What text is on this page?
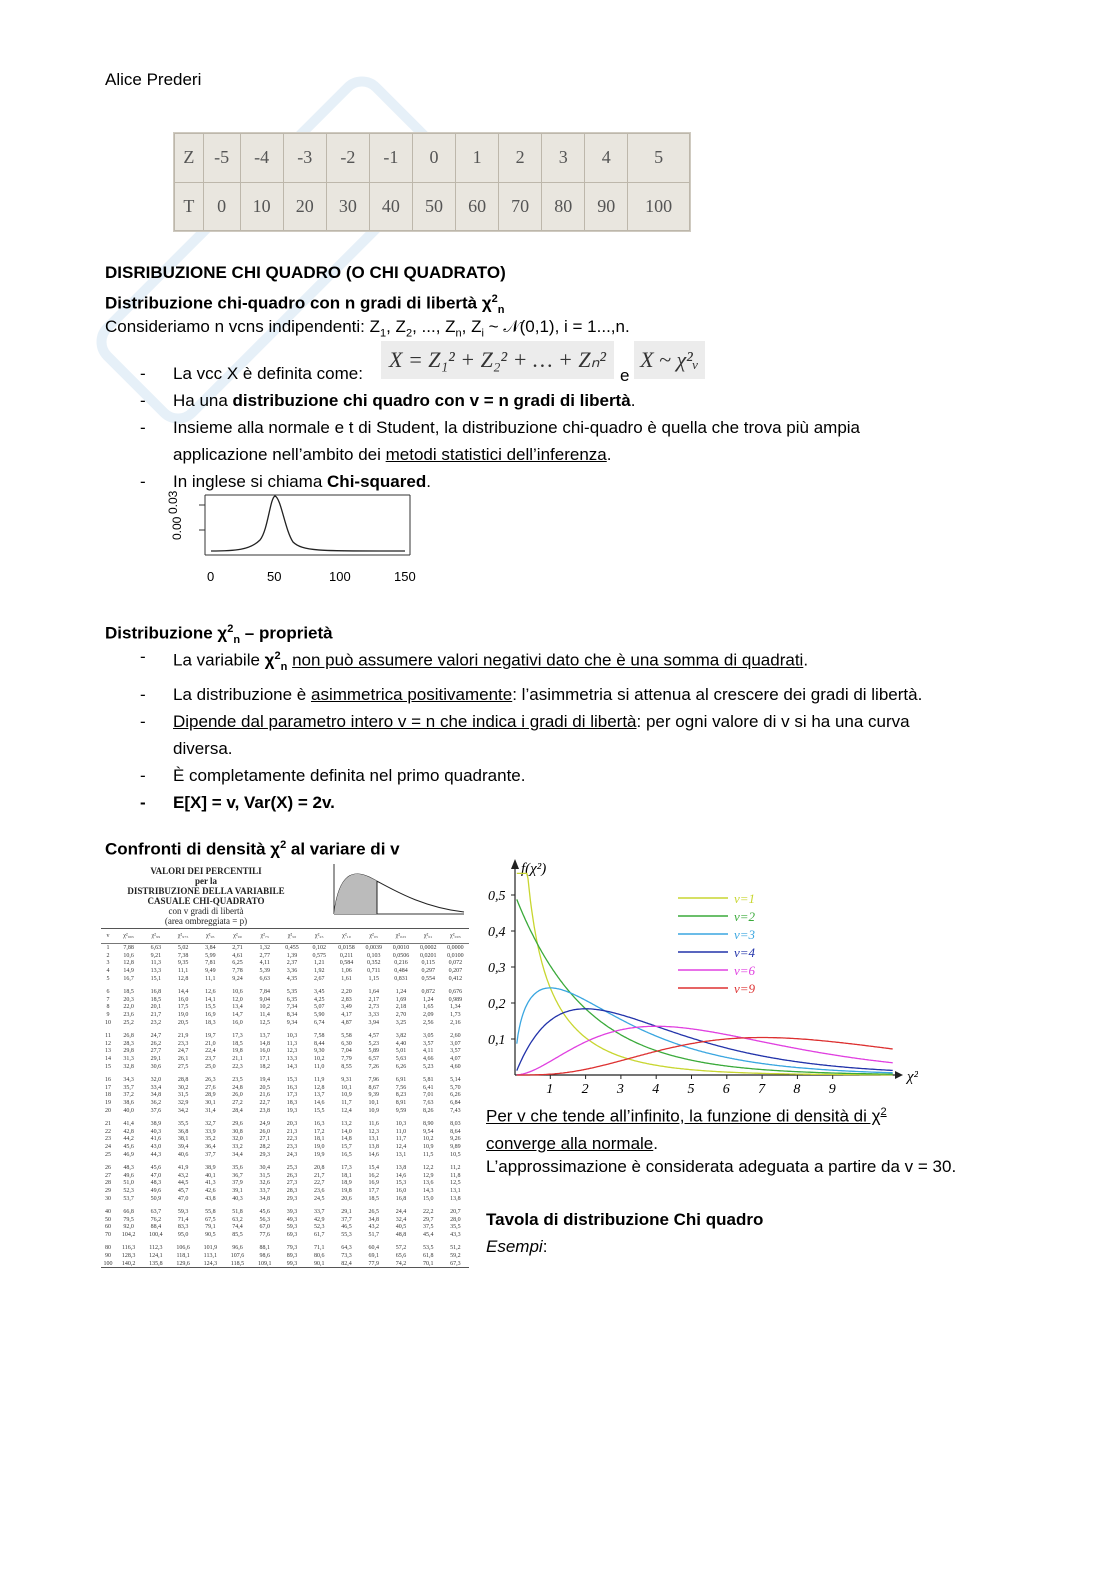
Alice Prederi
Z	-5	-4	-3	-2	-1	0	1	2	3	4	5
T	0	10	20	30	40	50	60	70	80	90	100
DISRIBUZIONE CHI QUADRO (O CHI QUADRATO)
Distribuzione chi-quadro con n gradi di libertà $\chi^2_n$
Consideriamo n vcns indipendenti: $Z_1$, $Z_2$, ..., $Z_n$, $Z_i$ ~ 𝒩(0,1), i = 1...,n.
- La vcc X è definita come:
- Ha una distribuzione chi quadro con v = n gradi di libertà.
- Insieme alla normale e t di Student, la distribuzione chi-quadro è quella che trova più ampia
applicazione nell’ambito dei metodi statistici dell’inferenza.
- In inglese si chiama Chi-squared.
X = Z₁² + Z₂² + … + Zₙ²
e
X ~ χ²ᵥ
0.00
0.03
0	50	100	150
Distribuzione $\chi^2_n$ – proprietà
- La variabile $\chi^2_n$ non può assumere valori negativi dato che è una somma di quadrati.
- La distribuzione è asimmetrica positivamente: l’asimmetria si attenua al crescere dei gradi di libertà.
- Dipende dal parametro intero v = n che indica i gradi di libertà: per ogni valore di v si ha una curva
diversa.
- È completamente definita nel primo quadrante.
- E[X] = v, Var(X) = 2v.
Confronti di densità $\chi^2$ al variare di v
VALORI DEI PERCENTILI
per la
DISTRIBUZIONE DELLA VARIABILE
CASUALE CHI-QUADRATO
con v gradi di libertà
(area ombreggiata = p)
v	χ²₉₉₅	χ²₉₉	χ²₉₇₅	χ²₉₅	χ²₉₀	χ²₇₅	χ²₅₀	χ²₂₅	χ²₁₀	χ²₀₅	χ²₀₂₅	χ²₀₁	χ²₀₀₅
1	7,88	6,63	5,02	3,84	2,71	1,32	0,455	0,102	0,0158	0,0039	0,0010	0,0002	0,0000
2	10,6	9,21	7,38	5,99	4,61	2,77	1,39	0,575	0,211	0,103	0,0506	0,0201	0,0100
3	12,8	11,3	9,35	7,81	6,25	4,11	2,37	1,21	0,584	0,352	0,216	0,115	0,072
4	14,9	13,3	11,1	9,49	7,78	5,39	3,36	1,92	1,06	0,711	0,484	0,297	0,207
5	16,7	15,1	12,8	11,1	9,24	6,63	4,35	2,67	1,61	1,15	0,831	0,554	0,412
6	18,5	16,8	14,4	12,6	10,6	7,84	5,35	3,45	2,20	1,64	1,24	0,872	0,676
7	20,3	18,5	16,0	14,1	12,0	9,04	6,35	4,25	2,83	2,17	1,69	1,24	0,989
8	22,0	20,1	17,5	15,5	13,4	10,2	7,34	5,07	3,49	2,73	2,18	1,65	1,34
9	23,6	21,7	19,0	16,9	14,7	11,4	8,34	5,90	4,17	3,33	2,70	2,09	1,73
10	25,2	23,2	20,5	18,3	16,0	12,5	9,34	6,74	4,87	3,94	3,25	2,56	2,16
11	26,8	24,7	21,9	19,7	17,3	13,7	10,3	7,58	5,58	4,57	3,82	3,05	2,60
12	28,3	26,2	23,3	21,0	18,5	14,8	11,3	8,44	6,30	5,23	4,40	3,57	3,07
13	29,8	27,7	24,7	22,4	19,8	16,0	12,3	9,30	7,04	5,89	5,01	4,11	3,57
14	31,3	29,1	26,1	23,7	21,1	17,1	13,3	10,2	7,79	6,57	5,63	4,66	4,07
15	32,8	30,6	27,5	25,0	22,3	18,2	14,3	11,0	8,55	7,26	6,26	5,23	4,60
16	34,3	32,0	28,8	26,3	23,5	19,4	15,3	11,9	9,31	7,96	6,91	5,81	5,14
17	35,7	33,4	30,2	27,6	24,8	20,5	16,3	12,8	10,1	8,67	7,56	6,41	5,70
18	37,2	34,8	31,5	28,9	26,0	21,6	17,3	13,7	10,9	9,39	8,23	7,01	6,26
19	38,6	36,2	32,9	30,1	27,2	22,7	18,3	14,6	11,7	10,1	8,91	7,63	6,84
20	40,0	37,6	34,2	31,4	28,4	23,8	19,3	15,5	12,4	10,9	9,59	8,26	7,43
21	41,4	38,9	35,5	32,7	29,6	24,9	20,3	16,3	13,2	11,6	10,3	8,90	8,03
22	42,8	40,3	36,8	33,9	30,8	26,0	21,3	17,2	14,0	12,3	11,0	9,54	8,64
23	44,2	41,6	38,1	35,2	32,0	27,1	22,3	18,1	14,8	13,1	11,7	10,2	9,26
24	45,6	43,0	39,4	36,4	33,2	28,2	23,3	19,0	15,7	13,8	12,4	10,9	9,89
25	46,9	44,3	40,6	37,7	34,4	29,3	24,3	19,9	16,5	14,6	13,1	11,5	10,5
26	48,3	45,6	41,9	38,9	35,6	30,4	25,3	20,8	17,3	15,4	13,8	12,2	11,2
27	49,6	47,0	43,2	40,1	36,7	31,5	26,3	21,7	18,1	16,2	14,6	12,9	11,8
28	51,0	48,3	44,5	41,3	37,9	32,6	27,3	22,7	18,9	16,9	15,3	13,6	12,5
29	52,3	49,6	45,7	42,6	39,1	33,7	28,3	23,6	19,8	17,7	16,0	14,3	13,1
30	53,7	50,9	47,0	43,8	40,3	34,8	29,3	24,5	20,6	18,5	16,8	15,0	13,8
40	66,8	63,7	59,3	55,8	51,8	45,6	39,3	33,7	29,1	26,5	24,4	22,2	20,7
50	79,5	76,2	71,4	67,5	63,2	56,3	49,3	42,9	37,7	34,8	32,4	29,7	28,0
60	92,0	88,4	83,3	79,1	74,4	67,0	59,3	52,3	46,5	43,2	40,5	37,5	35,5
70	104,2	100,4	95,0	90,5	85,5	77,6	69,3	61,7	55,3	51,7	48,8	45,4	43,3
80	116,3	112,3	106,6	101,9	96,6	88,1	79,3	71,1	64,3	60,4	57,2	53,5	51,2
90	128,3	124,1	118,1	113,1	107,6	98,6	89,3	80,6	73,3	69,1	65,6	61,8	59,2
100	140,2	135,8	129,6	124,3	118,5	109,1	99,3	90,1	82,4	77,9	74,2	70,1	67,3
f(χ²)
χ²
0,1
0,2
0,3
0,4
0,5
1 2 3 4 5 6 7 8 9
v=1
v=2
v=3
v=4
v=6
v=9
Per v che tende all’infinito, la funzione di densità di $\chi^2$
converge alla normale.
L’approssimazione è considerata adeguata a partire da v = 30.
Tavola di distribuzione Chi quadro
Esempi:
